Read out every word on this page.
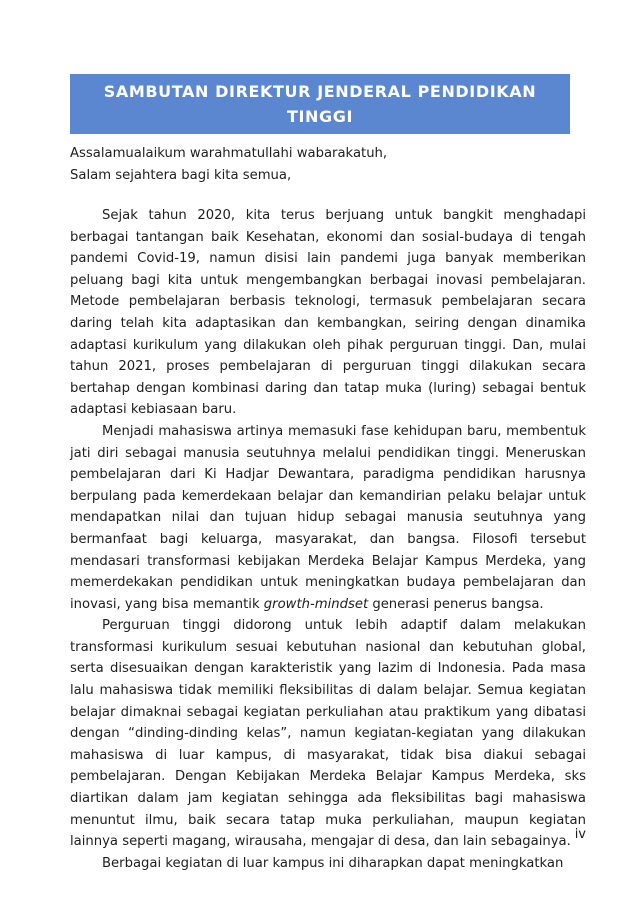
SAMBUTAN DIREKTUR JENDERAL PENDIDIKAN
TINGGI
Assalamualaikum warahmatullahi wabarakatuh,
Salam sejahtera bagi kita semua,

Sejak tahun 2020, kita terus berjuang untuk bangkit menghadapi berbagai tantangan baik Kesehatan, ekonomi dan sosial-budaya di tengah pandemi Covid-19, namun disisi lain pandemi juga banyak memberikan peluang bagi kita untuk mengembangkan berbagai inovasi pembelajaran. Metode pembelajaran berbasis teknologi, termasuk pembelajaran secara daring telah kita adaptasikan dan kembangkan, seiring dengan dinamika adaptasi kurikulum yang dilakukan oleh pihak perguruan tinggi. Dan, mulai tahun 2021, proses pembelajaran di perguruan tinggi dilakukan secara bertahap dengan kombinasi daring dan tatap muka (luring) sebagai bentuk adaptasi kebiasaan baru.

Menjadi mahasiswa artinya memasuki fase kehidupan baru, membentuk jati diri sebagai manusia seutuhnya melalui pendidikan tinggi. Meneruskan pembelajaran dari Ki Hadjar Dewantara, paradigma pendidikan harusnya berpulang pada kemerdekaan belajar dan kemandirian pelaku belajar untuk mendapatkan nilai dan tujuan hidup sebagai manusia seutuhnya yang bermanfaat bagi keluarga, masyarakat, dan bangsa. Filosofi tersebut mendasari transformasi kebijakan Merdeka Belajar Kampus Merdeka, yang memerdekakan pendidikan untuk meningkatkan budaya pembelajaran dan inovasi, yang bisa memantik growth-mindset generasi penerus bangsa.

Perguruan tinggi didorong untuk lebih adaptif dalam melakukan transformasi kurikulum sesuai kebutuhan nasional dan kebutuhan global, serta disesuaikan dengan karakteristik yang lazim di Indonesia. Pada masa lalu mahasiswa tidak memiliki fleksibilitas di dalam belajar. Semua kegiatan belajar dimaknai sebagai kegiatan perkuliahan atau praktikum yang dibatasi dengan “dinding-dinding kelas”, namun kegiatan-kegiatan yang dilakukan mahasiswa di luar kampus, di masyarakat, tidak bisa diakui sebagai pembelajaran. Dengan Kebijakan Merdeka Belajar Kampus Merdeka, sks diartikan dalam jam kegiatan sehingga ada fleksibilitas bagi mahasiswa menuntut ilmu, baik secara tatap muka perkuliahan, maupun kegiatan lainnya seperti magang, wirausaha, mengajar di desa, dan lain sebagainya.

Berbagai kegiatan di luar kampus ini diharapkan dapat meningkatkan

iv
